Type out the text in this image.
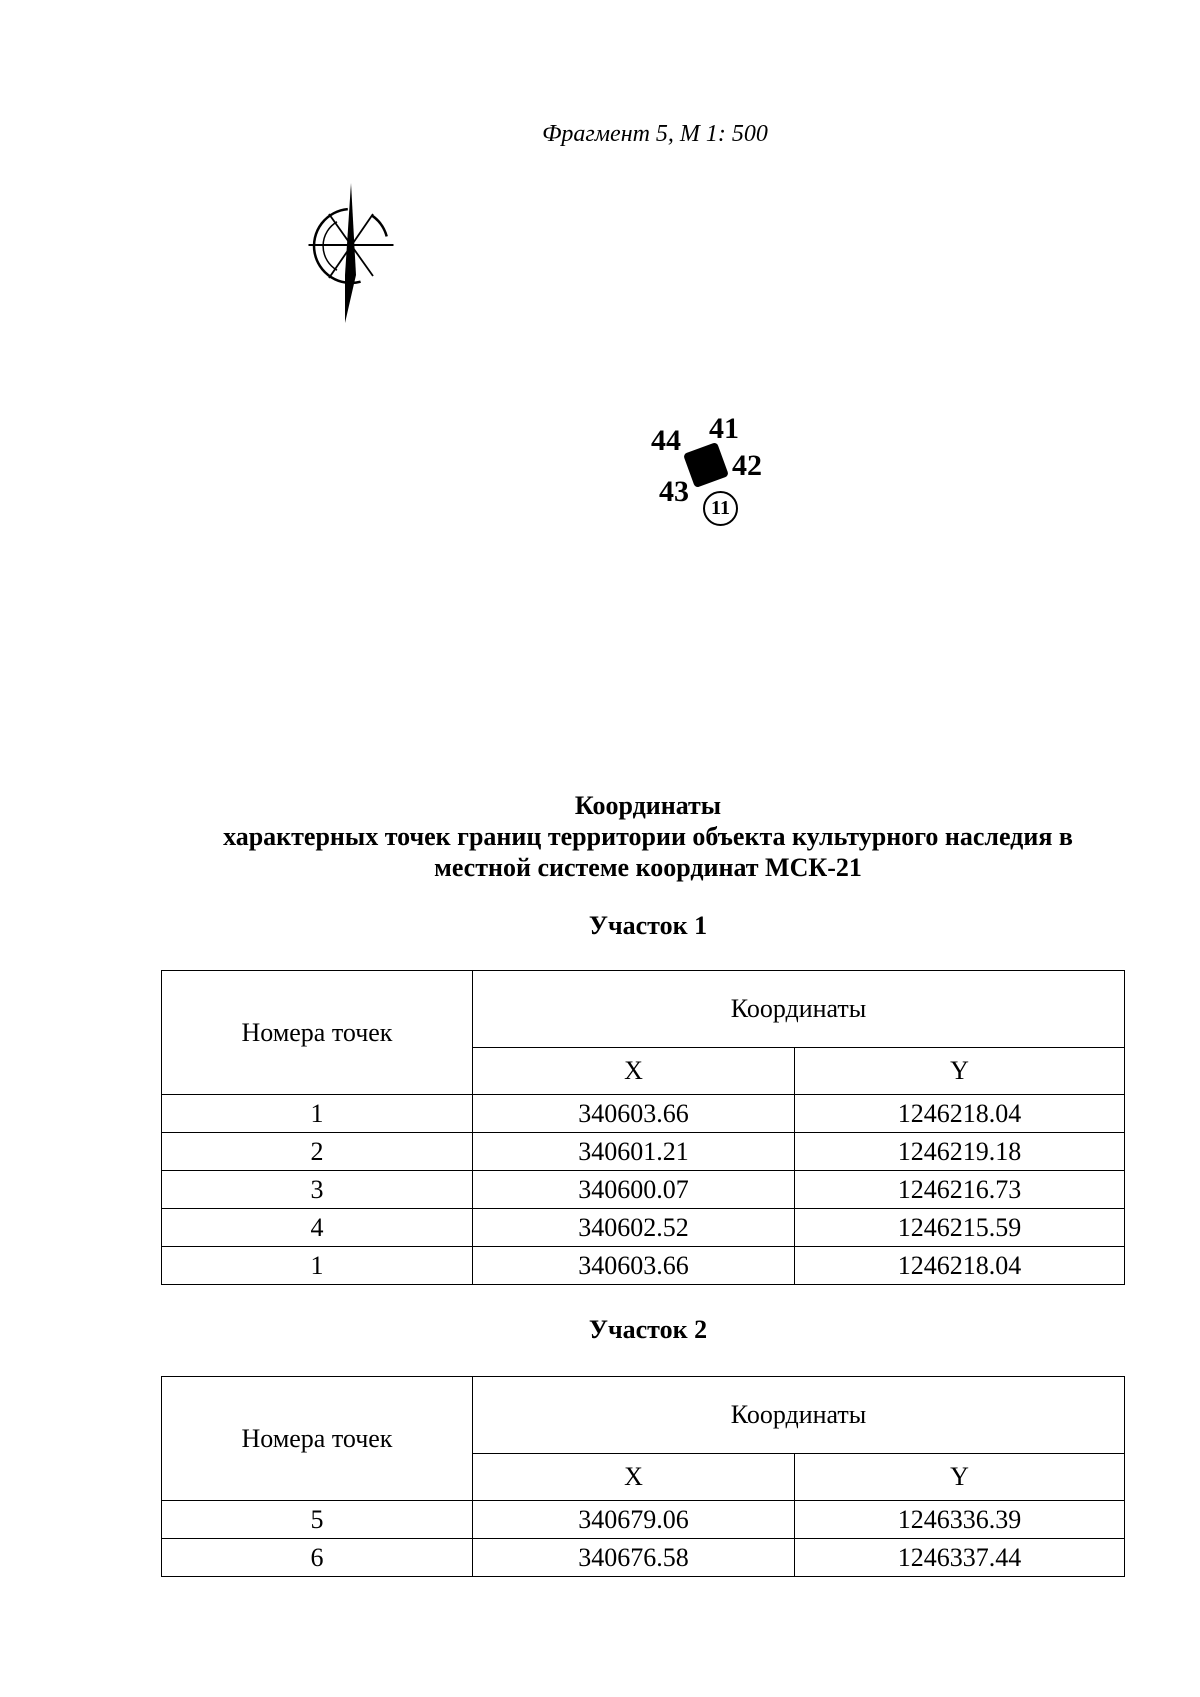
Фрагмент 5, М 1: 500
44 41
42
43	11
Координаты
характерных точек границ территории объекта культурного наследия в
местной системе координат МСК-21
Участок 1
Номера точек	Координаты	
	X	Y
1	340603.66	1246218.04
2	340601.21	1246219.18
3	340600.07	1246216.73
4	340602.52	1246215.59
1	340603.66	1246218.04
Участок 2
Номера точек	Координаты	
	X	Y
5	340679.06	1246336.39
6	340676.58	1246337.44
